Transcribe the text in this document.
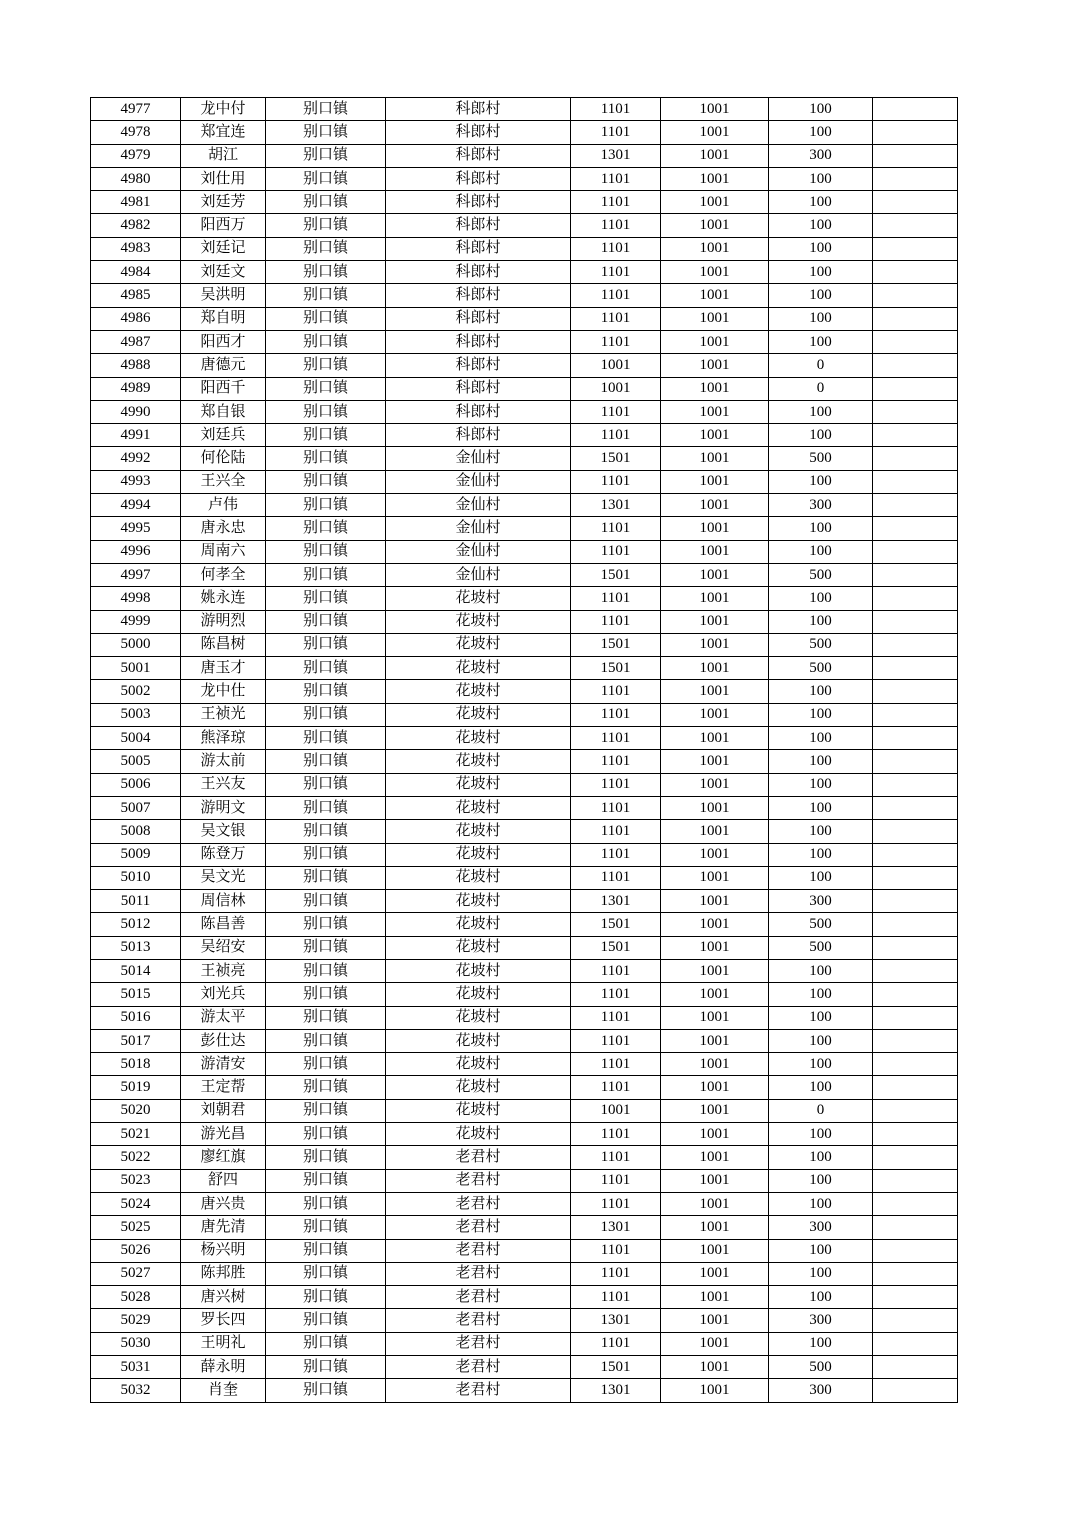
4977	龙中付	别口镇	科郎村	1101	1001	100	
4978	郑宜连	别口镇	科郎村	1101	1001	100	
4979	胡江	别口镇	科郎村	1301	1001	300	
4980	刘仕用	别口镇	科郎村	1101	1001	100	
4981	刘廷芳	别口镇	科郎村	1101	1001	100	
4982	阳西万	别口镇	科郎村	1101	1001	100	
4983	刘廷记	别口镇	科郎村	1101	1001	100	
4984	刘廷文	别口镇	科郎村	1101	1001	100	
4985	吴洪明	别口镇	科郎村	1101	1001	100	
4986	郑自明	别口镇	科郎村	1101	1001	100	
4987	阳西才	别口镇	科郎村	1101	1001	100	
4988	唐德元	别口镇	科郎村	1001	1001	0	
4989	阳西千	别口镇	科郎村	1001	1001	0	
4990	郑自银	别口镇	科郎村	1101	1001	100	
4991	刘廷兵	别口镇	科郎村	1101	1001	100	
4992	何伦陆	别口镇	金仙村	1501	1001	500	
4993	王兴全	别口镇	金仙村	1101	1001	100	
4994	卢伟	别口镇	金仙村	1301	1001	300	
4995	唐永忠	别口镇	金仙村	1101	1001	100	
4996	周南六	别口镇	金仙村	1101	1001	100	
4997	何孝全	别口镇	金仙村	1501	1001	500	
4998	姚永连	别口镇	花坡村	1101	1001	100	
4999	游明烈	别口镇	花坡村	1101	1001	100	
5000	陈昌树	别口镇	花坡村	1501	1001	500	
5001	唐玉才	别口镇	花坡村	1501	1001	500	
5002	龙中仕	别口镇	花坡村	1101	1001	100	
5003	王祯光	别口镇	花坡村	1101	1001	100	
5004	熊泽琼	别口镇	花坡村	1101	1001	100	
5005	游太前	别口镇	花坡村	1101	1001	100	
5006	王兴友	别口镇	花坡村	1101	1001	100	
5007	游明文	别口镇	花坡村	1101	1001	100	
5008	吴文银	别口镇	花坡村	1101	1001	100	
5009	陈登万	别口镇	花坡村	1101	1001	100	
5010	吴文光	别口镇	花坡村	1101	1001	100	
5011	周信林	别口镇	花坡村	1301	1001	300	
5012	陈昌善	别口镇	花坡村	1501	1001	500	
5013	吴绍安	别口镇	花坡村	1501	1001	500	
5014	王祯亮	别口镇	花坡村	1101	1001	100	
5015	刘光兵	别口镇	花坡村	1101	1001	100	
5016	游太平	别口镇	花坡村	1101	1001	100	
5017	彭仕达	别口镇	花坡村	1101	1001	100	
5018	游清安	别口镇	花坡村	1101	1001	100	
5019	王定帮	别口镇	花坡村	1101	1001	100	
5020	刘朝君	别口镇	花坡村	1001	1001	0	
5021	游光昌	别口镇	花坡村	1101	1001	100	
5022	廖红旗	别口镇	老君村	1101	1001	100	
5023	舒四	别口镇	老君村	1101	1001	100	
5024	唐兴贵	别口镇	老君村	1101	1001	100	
5025	唐先清	别口镇	老君村	1301	1001	300	
5026	杨兴明	别口镇	老君村	1101	1001	100	
5027	陈邦胜	别口镇	老君村	1101	1001	100	
5028	唐兴树	别口镇	老君村	1101	1001	100	
5029	罗长四	别口镇	老君村	1301	1001	300	
5030	王明礼	别口镇	老君村	1101	1001	100	
5031	薛永明	别口镇	老君村	1501	1001	500	
5032	肖奎	别口镇	老君村	1301	1001	300	
